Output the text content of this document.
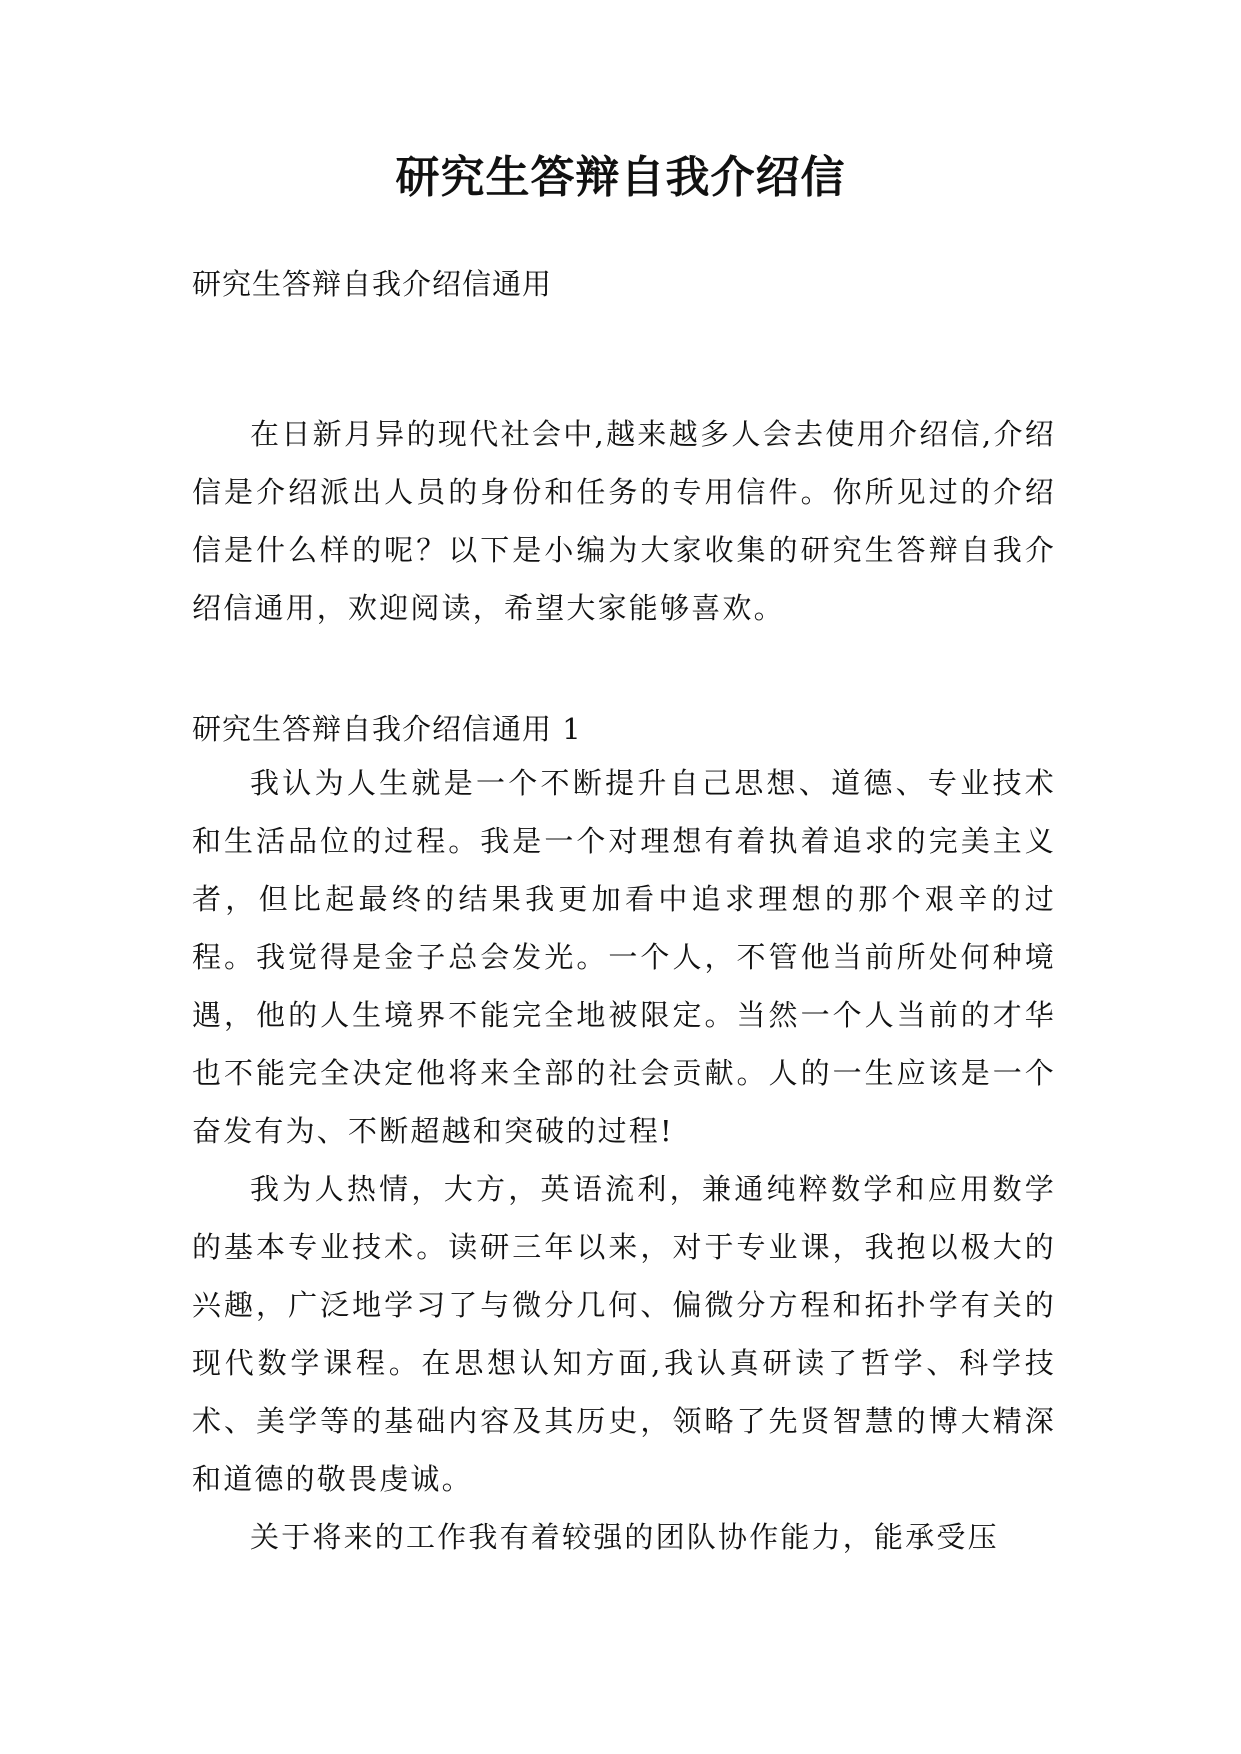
研究生答辩自我介绍信
研究生答辩自我介绍信通用

在日新月异的现代社会中,越来越多人会去使用介绍信,介绍信是介绍派出人员的身份和任务的专用信件。你所见过的介绍信是什么样的呢？以下是小编为大家收集的研究生答辩自我介绍信通用，欢迎阅读，希望大家能够喜欢。

研究生答辩自我介绍信通用 1

我认为人生就是一个不断提升自己思想、道德、专业技术和生活品位的过程。我是一个对理想有着执着追求的完美主义者，但比起最终的结果我更加看中追求理想的那个艰辛的过程。我觉得是金子总会发光。一个人，不管他当前所处何种境遇，他的人生境界不能完全地被限定。当然一个人当前的才华也不能完全决定他将来全部的社会贡献。人的一生应该是一个奋发有为、不断超越和突破的过程!

我为人热情，大方，英语流利，兼通纯粹数学和应用数学的基本专业技术。读研三年以来，对于专业课，我抱以极大的兴趣，广泛地学习了与微分几何、偏微分方程和拓扑学有关的现代数学课程。在思想认知方面,我认真研读了哲学、科学技术、美学等的基础内容及其历史，领略了先贤智慧的博大精深和道德的敬畏虔诚。

关于将来的工作我有着较强的团队协作能力，能承受压
